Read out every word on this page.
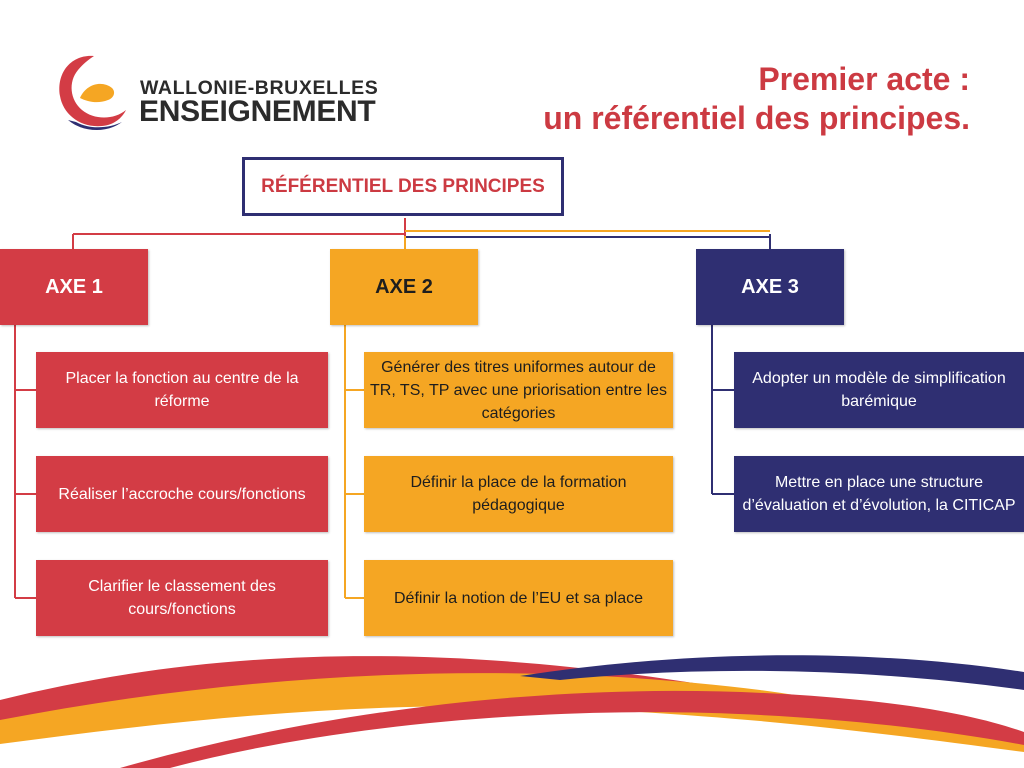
WALLONIE-BRUXELLES
ENSEIGNEMENT
Premier acte :
un référentiel des principes.
RÉFÉRENTIEL DES PRINCIPES
AXE 1	AXE 2	AXE 3
Placer la fonction au centre de la réforme
Réaliser l’accroche cours/fonctions
Clarifier le classement des cours/fonctions
Générer des titres uniformes autour de TR, TS, TP avec une priorisation entre les catégories
Définir la place de la formation pédagogique
Définir la notion de l’EU et sa place
Adopter un modèle de simplification barémique
Mettre en place une structure d’évaluation et d’évolution, la CITICAP
